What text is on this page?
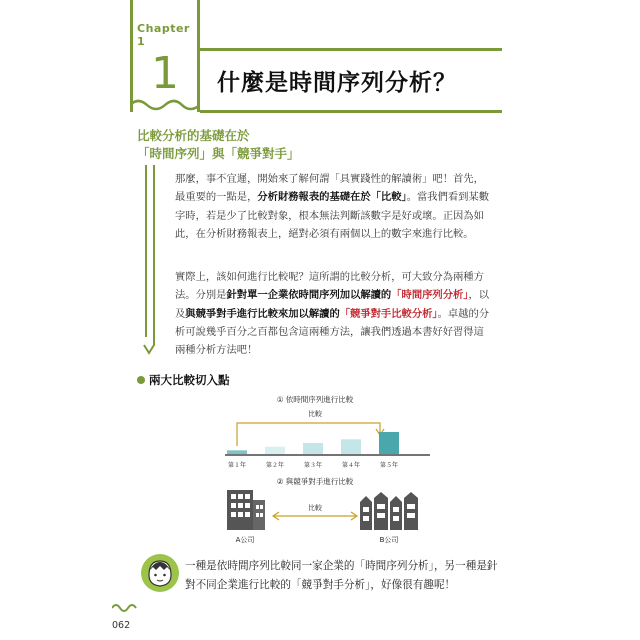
Chapter 1
1 什麼是時間序列分析？
比較分析的基礎在於
「時間序列」與「競爭對手」
那麼，事不宜遲，開始來了解何謂「具實踐性的解讀術」吧！首先，最重要的一點是，分析財務報表的基礎在於「比較」。當我們看到某數字時，若是少了比較對象，根本無法判斷該數字是好或壞。正因為如此，在分析財務報表上，絕對必須有兩個以上的數字來進行比較。
實際上，該如何進行比較呢？這所謂的比較分析，可大致分為兩種方法。分別是針對單一企業依時間序列加以解讀的「時間序列分析」，以及與競爭對手進行比較來加以解讀的「競爭對手比較分析」。卓越的分析可說幾乎百分之百都包含這兩種方法，讓我們透過本書好好習得這兩種分析方法吧！
兩大比較切入點
① 依時間序列進行比較
比較
第１年	第２年	第３年	第４年	第５年
② 與競爭對手進行比較
A公司
比較
B公司
一種是依時間序列比較同一家企業的「時間序列分析」，另一種是針對不同企業進行比較的「競爭對手分析」，好像很有趣呢！
062
